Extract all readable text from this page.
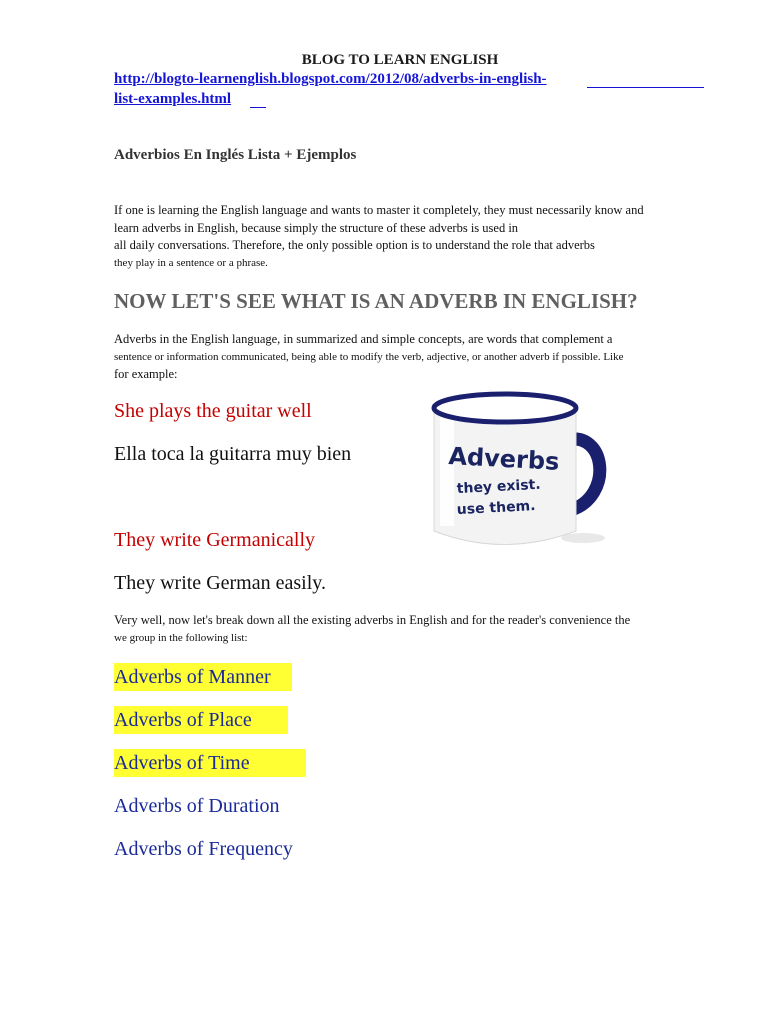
BLOG TO LEARN ENGLISH
http://blogto-learnenglish.blogspot.com/2012/08/adverbs-in-english-
list-examples.html
Adverbios En Inglés Lista + Ejemplos
If one is learning the English language and wants to master it completely, they must necessarily know and
learn adverbs in English, because simply the structure of these adverbs is used in
all daily conversations. Therefore, the only possible option is to understand the role that adverbs
they play in a sentence or a phrase.
NOW LET'S SEE WHAT IS AN ADVERB IN ENGLISH?
Adverbs in the English language, in summarized and simple concepts, are words that complement a
sentence or information communicated, being able to modify the verb, adjective, or another adverb if possible. Like
for example:
She plays the guitar well
Ella toca la guitarra muy bien
They write Germanically
They write German easily.
Adverbs
they exist.
use them.
Very well, now let's break down all the existing adverbs in English and for the reader's convenience the
we group in the following list:
Adverbs of Manner
Adverbs of Place
Adverbs of Time
Adverbs of Duration
Adverbs of Frequency
